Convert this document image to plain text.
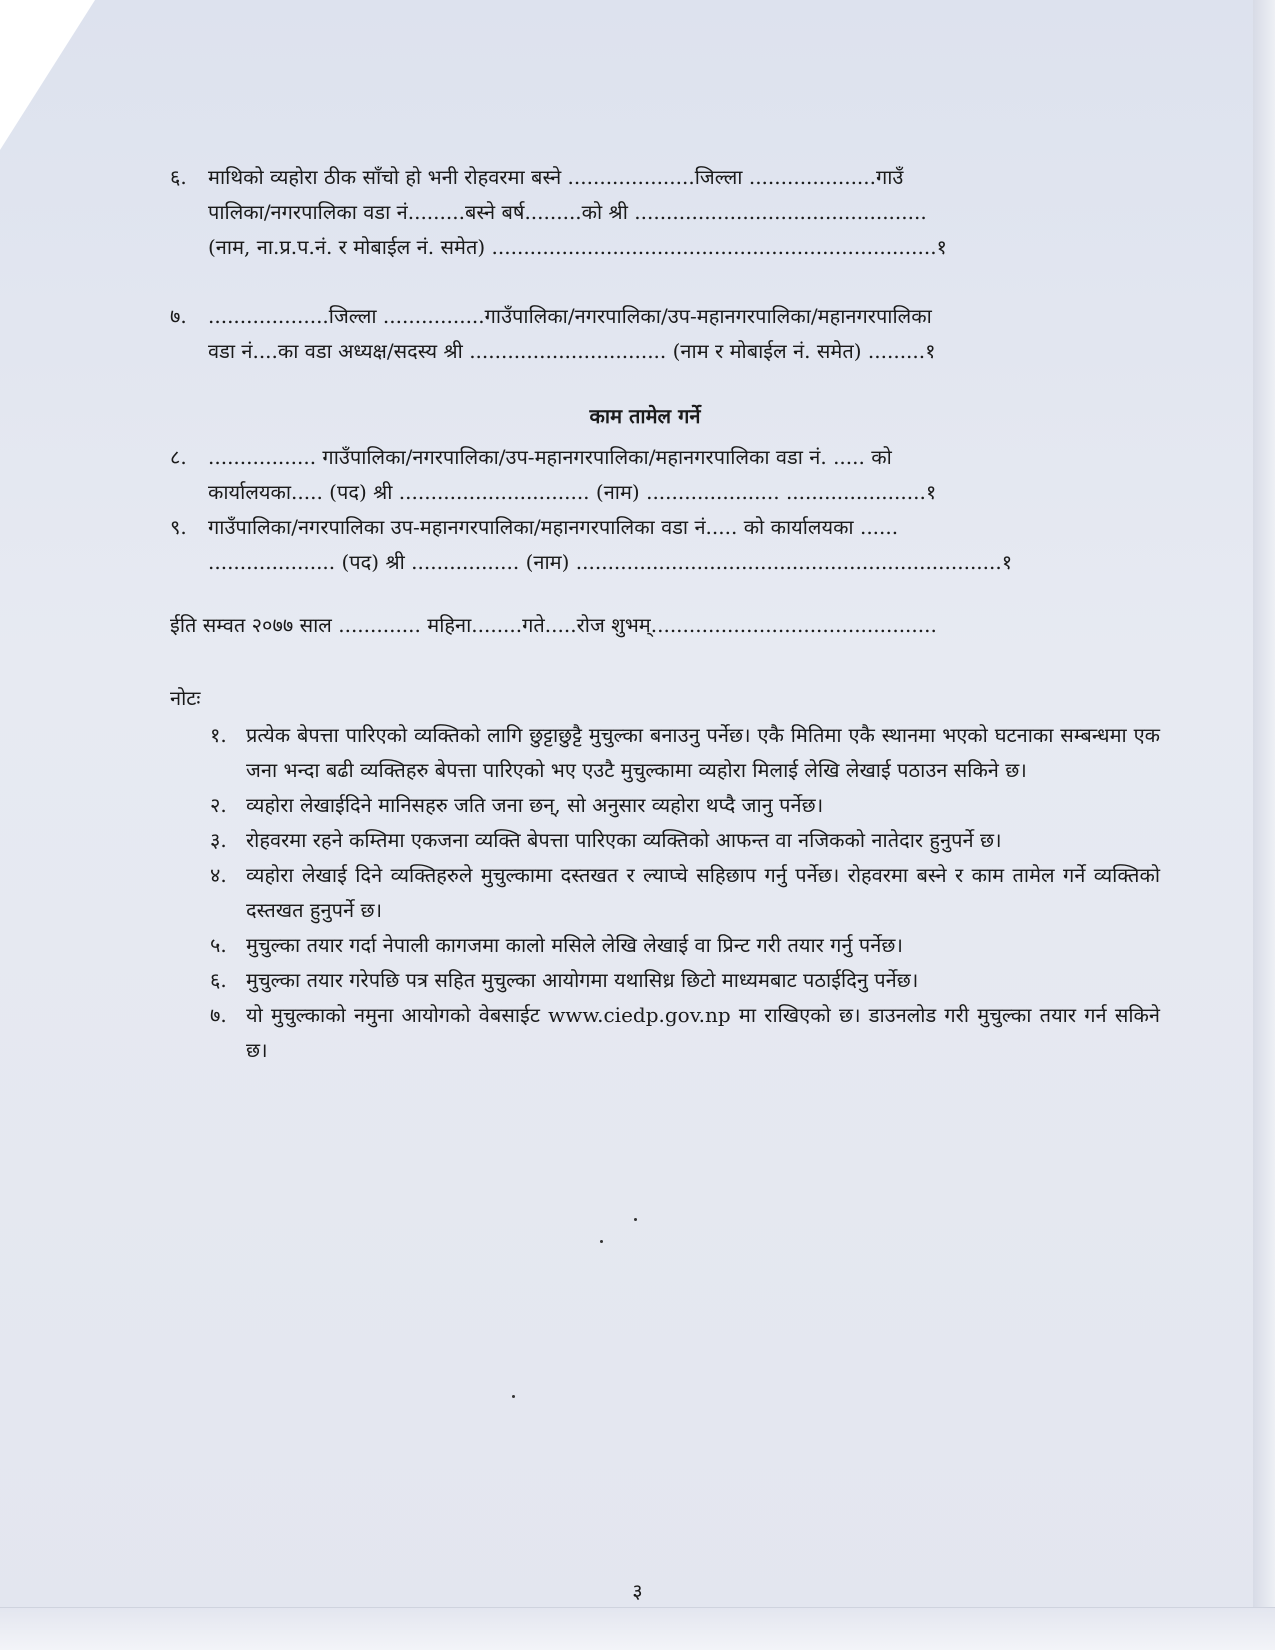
६. माथिको व्यहोरा ठीक साँचो हो भनी रोहवरमा बस्ने ....................जिल्ला ....................गाउँ
पालिका/नगरपालिका वडा नं.........बस्ने बर्ष.........को श्री ..............................................
(नाम, ना.प्र.प.नं. र मोबाईल नं. समेत) ......................................................................१
७. ...................जिल्ला ................गाउँपालिका/नगरपालिका/उप-महानगरपालिका/महानगरपालिका
वडा नं....का वडा अध्यक्ष/सदस्य श्री ............................... (नाम र मोबाईल नं. समेत) .........१
काम तामेल गर्ने
८. ................. गाउँपालिका/नगरपालिका/उप-महानगरपालिका/महानगरपालिका वडा नं. ..... को
कार्यालयका..... (पद) श्री .............................. (नाम) ..................... ......................१
९. गाउँपालिका/नगरपालिका उप-महानगरपालिका/महानगरपालिका वडा नं..... को कार्यालयका ......
.................... (पद) श्री ................. (नाम) ...................................................................१
ईति सम्वत २०७७ साल ............. महिना........गते.....रोज शुभम्.............................................
नोटः
१. प्रत्येक बेपत्ता पारिएको व्यक्तिको लागि छुट्टाछुट्टै मुचुल्का बनाउनु पर्नेछ। एकै मितिमा एकै स्थानमा भएको घटनाका सम्बन्धमा एक जना भन्दा बढी व्यक्तिहरु बेपत्ता पारिएको भए एउटै मुचुल्कामा व्यहोरा मिलाई लेखि लेखाई पठाउन सकिने छ।
२. व्यहोरा लेखाईदिने मानिसहरु जति जना छन्, सो अनुसार व्यहोरा थप्दै जानु पर्नेछ।
३. रोहवरमा रहने कम्तिमा एकजना व्यक्ति बेपत्ता पारिएका व्यक्तिको आफन्त वा नजिकको नातेदार हुनुपर्ने छ।
४. व्यहोरा लेखाई दिने व्यक्तिहरुले मुचुल्कामा दस्तखत र ल्याप्चे सहिछाप गर्नु पर्नेछ। रोहवरमा बस्ने र काम तामेल गर्ने व्यक्तिको दस्तखत हुनुपर्ने छ।
५. मुचुल्का तयार गर्दा नेपाली कागजमा कालो मसिले लेखि लेखाई वा प्रिन्ट गरी तयार गर्नु पर्नेछ।
६. मुचुल्का तयार गरेपछि पत्र सहित मुचुल्का आयोगमा यथासिध्र छिटो माध्यमबाट पठाईदिनु पर्नेछ।
७. यो मुचुल्काको नमुना आयोगको वेबसाईट www.ciedp.gov.np मा राखिएको छ। डाउनलोड गरी मुचुल्का तयार गर्न सकिने छ।
३
